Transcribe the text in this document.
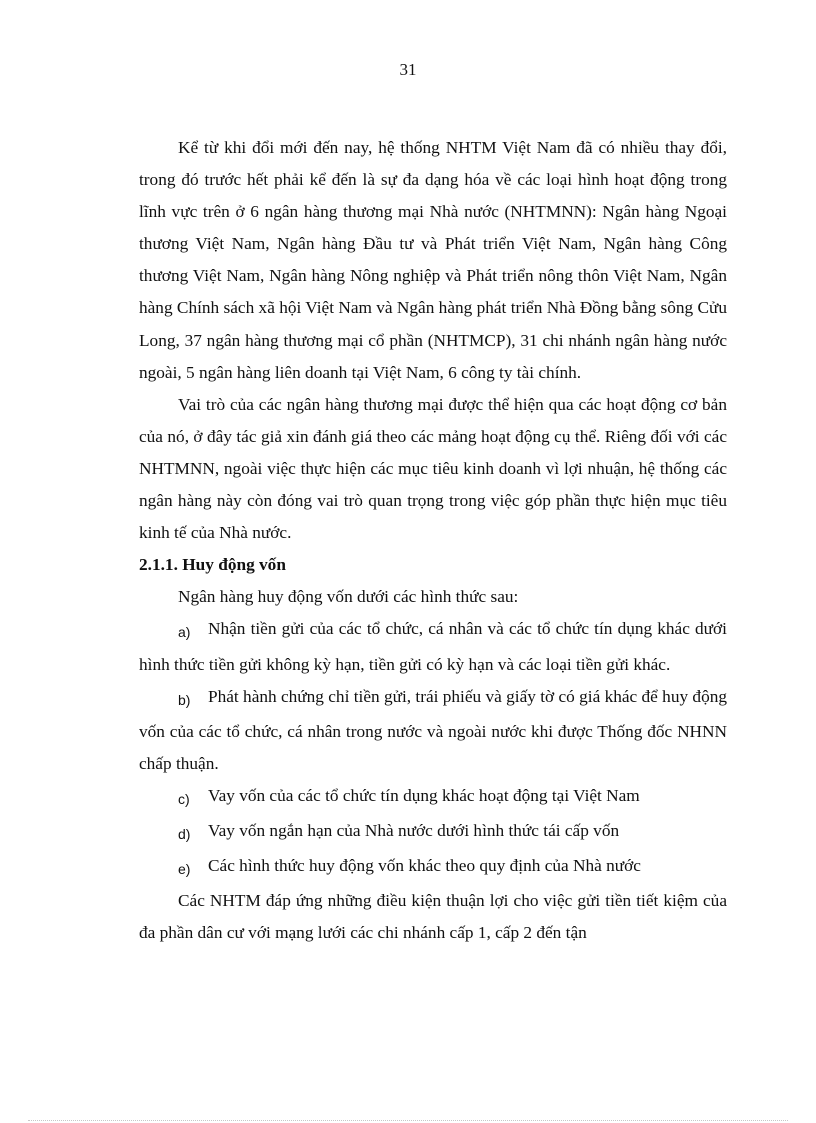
31

Kể từ khi đổi mới đến nay, hệ thống NHTM Việt Nam đã có nhiều thay đổi, trong đó trước hết phải kể đến là sự đa dạng hóa về các loại hình hoạt động trong lĩnh vực trên ở 6 ngân hàng thương mại Nhà nước (NHTMNN): Ngân hàng Ngoại thương Việt Nam, Ngân hàng Đầu tư và Phát triển Việt Nam, Ngân hàng Công thương Việt Nam, Ngân hàng Nông nghiệp và Phát triển nông thôn Việt Nam, Ngân hàng Chính sách xã hội Việt Nam và Ngân hàng phát triển Nhà Đồng bằng sông Cửu Long, 37 ngân hàng thương mại cổ phần (NHTMCP), 31 chi nhánh ngân hàng nước ngoài, 5 ngân hàng liên doanh tại Việt Nam, 6 công ty tài chính.

Vai trò của các ngân hàng thương mại được thể hiện qua các hoạt động cơ bản của nó, ở đây tác giả xin đánh giá theo các mảng hoạt động cụ thể. Riêng đối với các NHTMNN, ngoài việc thực hiện các mục tiêu kinh doanh vì lợi nhuận, hệ thống các ngân hàng này còn đóng vai trò quan trọng trong việc góp phần thực hiện mục tiêu kinh tế của Nhà nước.

2.1.1. Huy động vốn

Ngân hàng huy động vốn dưới các hình thức sau:

a) Nhận tiền gửi của các tổ chức, cá nhân và các tổ chức tín dụng khác dưới hình thức tiền gửi không kỳ hạn, tiền gửi có kỳ hạn và các loại tiền gửi khác.

b) Phát hành chứng chỉ tiền gửi, trái phiếu và giấy tờ có giá khác để huy động vốn của các tổ chức, cá nhân trong nước và ngoài nước khi được Thống đốc NHNN chấp thuận.

c) Vay vốn của các tổ chức tín dụng khác hoạt động tại Việt Nam

d) Vay vốn ngắn hạn của Nhà nước dưới hình thức tái cấp vốn

e) Các hình thức huy động vốn khác theo quy định của Nhà nước

Các NHTM đáp ứng những điều kiện thuận lợi cho việc gửi tiền tiết kiệm của đa phần dân cư với mạng lưới các chi nhánh cấp 1, cấp 2 đến tận
